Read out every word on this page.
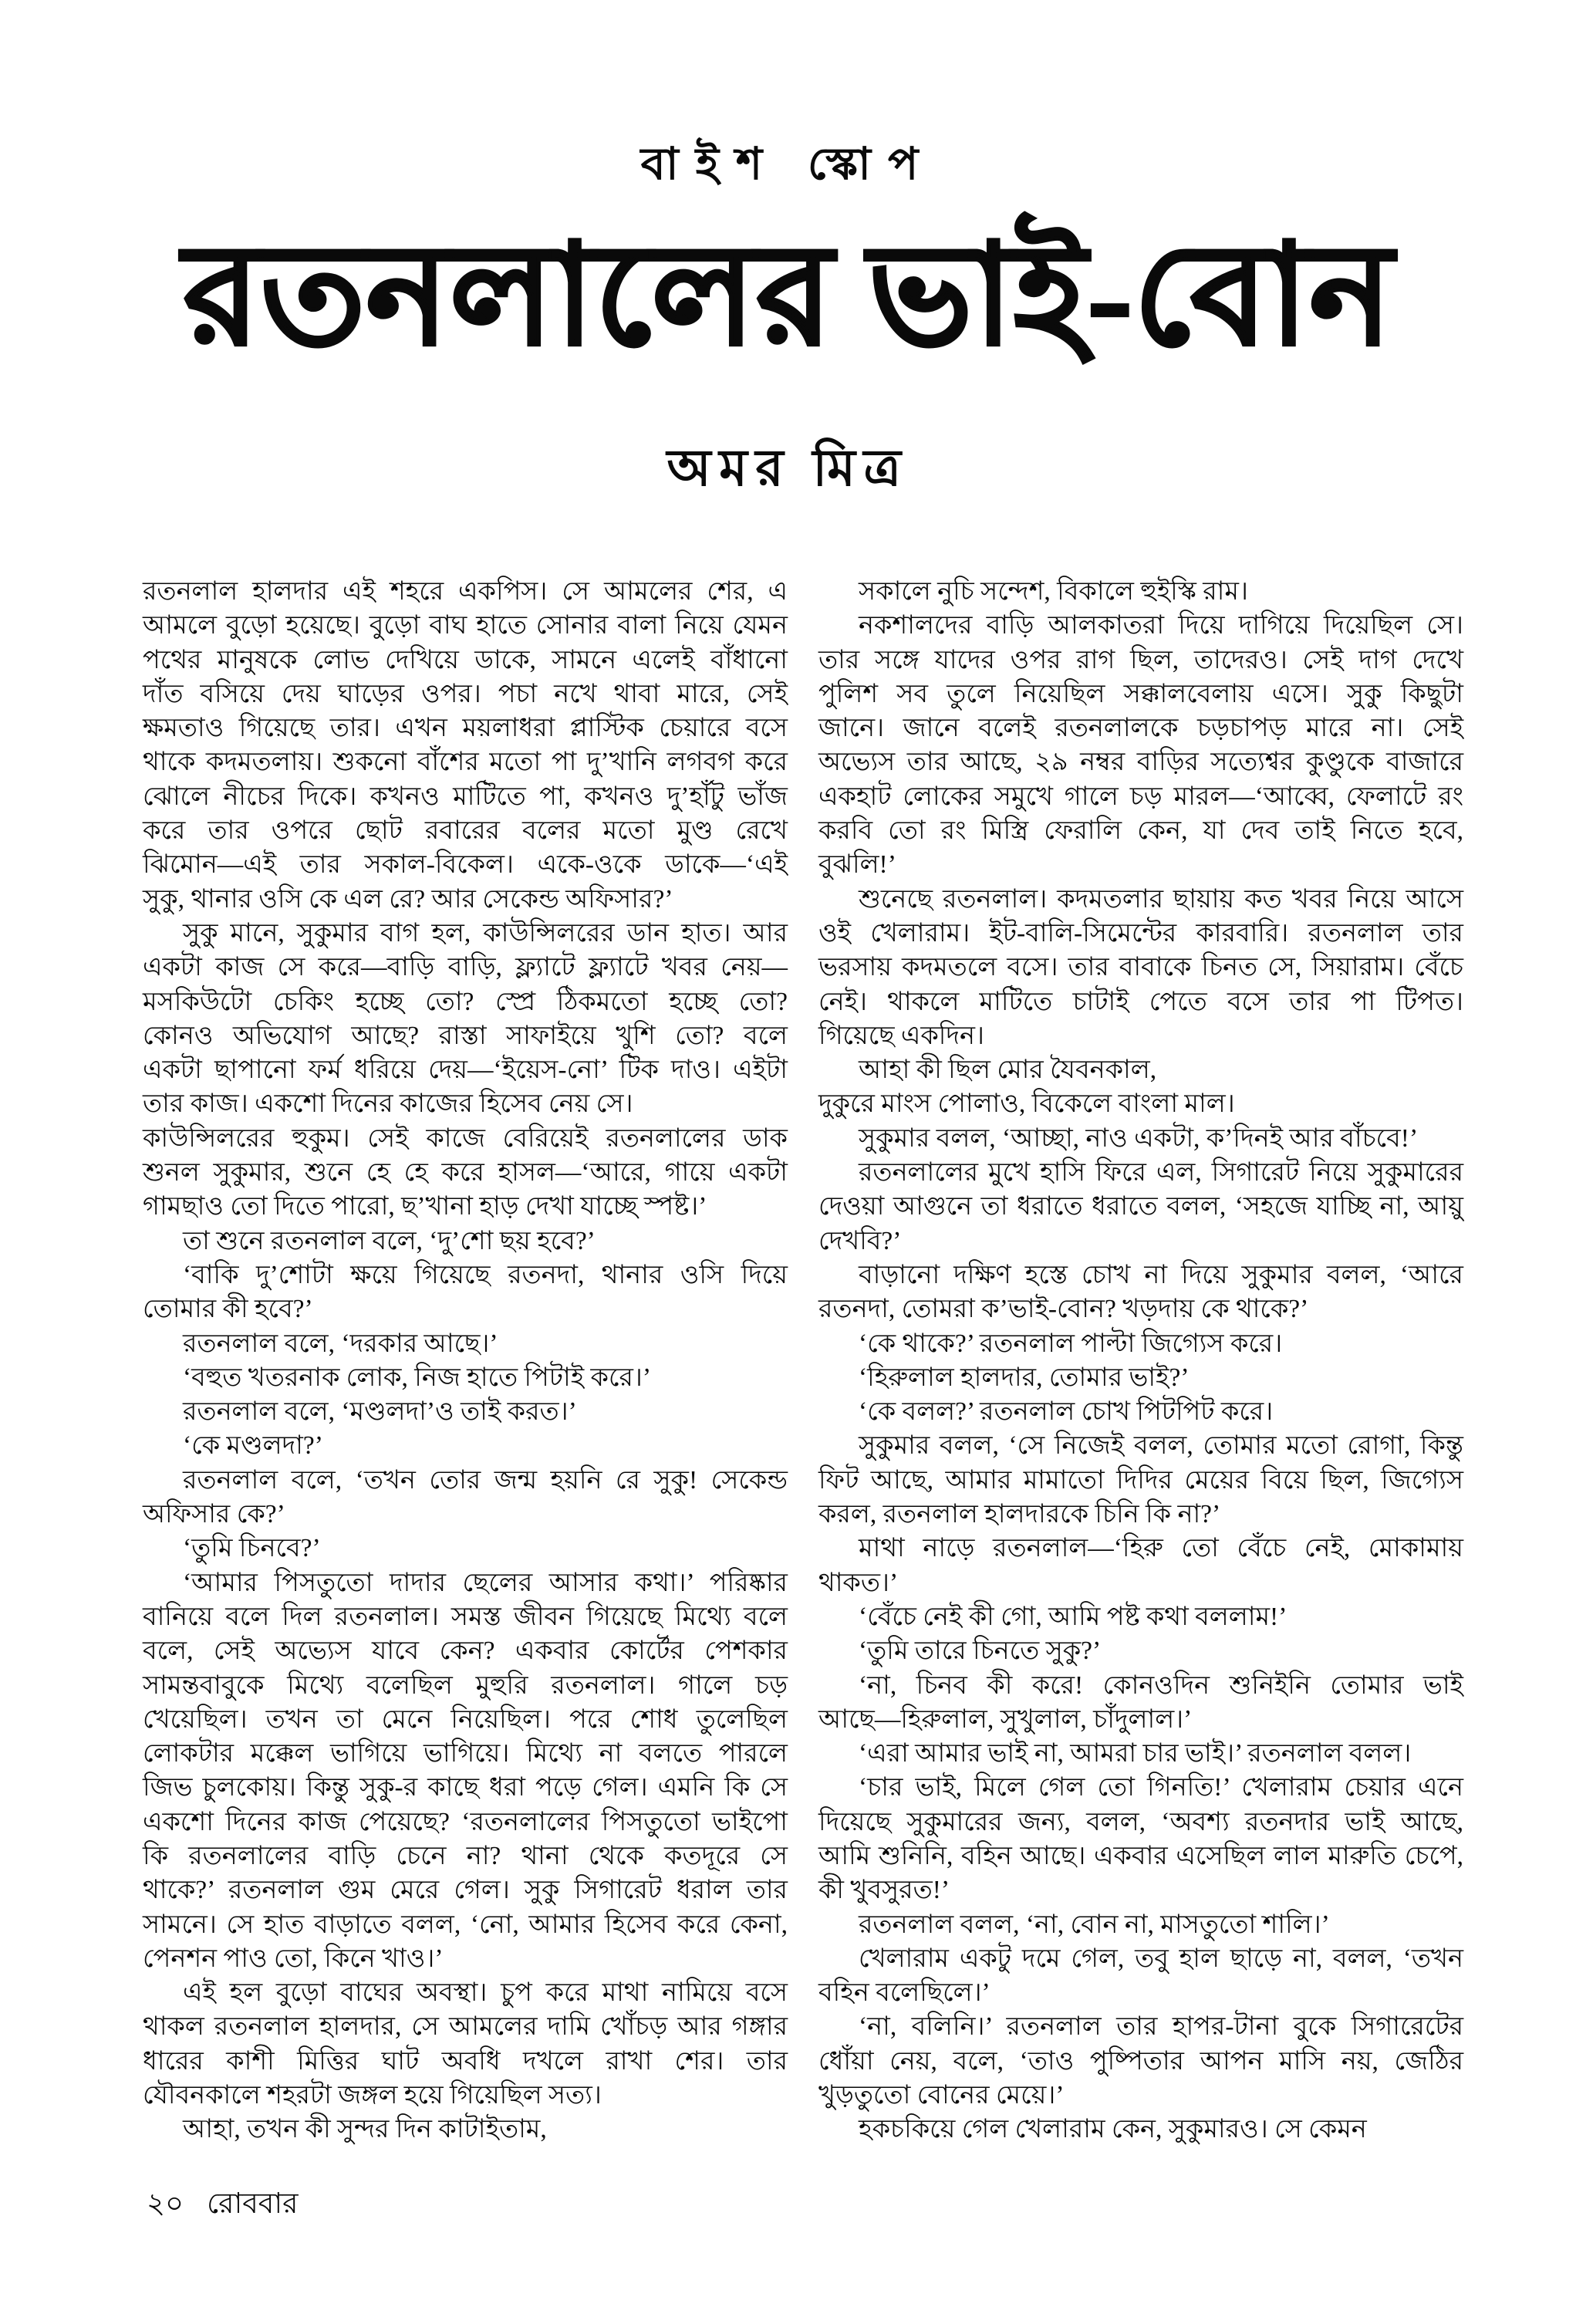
বাইশ স্কোপ
রতনলালের ভাই-বোন
অমর মিত্র
রতনলাল হালদার এই শহরে একপিস। সে আমলের শের, এ
আমলে বুড়ো হয়েছে। বুড়ো বাঘ হাতে সোনার বালা নিয়ে যেমন
পথের মানুষকে লোভ দেখিয়ে ডাকে, সামনে এলেই বাঁধানো
দাঁত বসিয়ে দেয় ঘাড়ের ওপর। পচা নখে থাবা মারে, সেই
ক্ষমতাও গিয়েছে তার। এখন ময়লাধরা প্লাস্টিক চেয়ারে বসে
থাকে কদমতলায়। শুকনো বাঁশের মতো পা দু’খানি লগবগ করে
ঝোলে নীচের দিকে। কখনও মাটিতে পা, কখনও দু’হাঁটু ভাঁজ
করে তার ওপরে ছোট রবারের বলের মতো মুণ্ড রেখে
ঝিমোন—এই তার সকাল-বিকেল। একে-ওকে ডাকে—‘এই
সুকু, থানার ওসি কে এল রে? আর সেকেন্ড অফিসার?’
সুকু মানে, সুকুমার বাগ হল, কাউন্সিলরের ডান হাত। আর
একটা কাজ সে করে—বাড়ি বাড়ি, ফ্ল্যাটে ফ্ল্যাটে খবর নেয়—
মসকিউটো চেকিং হচ্ছে তো? স্প্রে ঠিকমতো হচ্ছে তো?
কোনও অভিযোগ আছে? রাস্তা সাফাইয়ে খুশি তো? বলে
একটা ছাপানো ফর্ম ধরিয়ে দেয়—‘ইয়েস-নো’ টিক দাও। এইটা
তার কাজ। একশো দিনের কাজের হিসেব নেয় সে।
কাউন্সিলরের হুকুম। সেই কাজে বেরিয়েই রতনলালের ডাক
শুনল সুকুমার, শুনে হে হে করে হাসল—‘আরে, গায়ে একটা
গামছাও তো দিতে পারো, ছ’খানা হাড় দেখা যাচ্ছে স্পষ্ট।’
তা শুনে রতনলাল বলে, ‘দু’শো ছয় হবে?’
‘বাকি দু’শোটা ক্ষয়ে গিয়েছে রতনদা, থানার ওসি দিয়ে
তোমার কী হবে?’
রতনলাল বলে, ‘দরকার আছে।’
‘বহুত খতরনাক লোক, নিজ হাতে পিটাই করে।’
রতনলাল বলে, ‘মণ্ডলদা’ও তাই করত।’
‘কে মণ্ডলদা?’
রতনলাল বলে, ‘তখন তোর জন্ম হয়নি রে সুকু! সেকেন্ড
অফিসার কে?’
‘তুমি চিনবে?’
‘আমার পিসতুতো দাদার ছেলের আসার কথা।’ পরিষ্কার
বানিয়ে বলে দিল রতনলাল। সমস্ত জীবন গিয়েছে মিথ্যে বলে
বলে, সেই অভ্যেস যাবে কেন? একবার কোর্টের পেশকার
সামন্তবাবুকে মিথ্যে বলেছিল মুহুরি রতনলাল। গালে চড়
খেয়েছিল। তখন তা মেনে নিয়েছিল। পরে শোধ তুলেছিল
লোকটার মক্কেল ভাগিয়ে ভাগিয়ে। মিথ্যে না বলতে পারলে
জিভ চুলকোয়। কিন্তু সুকু-র কাছে ধরা পড়ে গেল। এমনি কি সে
একশো দিনের কাজ পেয়েছে? ‘রতনলালের পিসতুতো ভাইপো
কি রতনলালের বাড়ি চেনে না? থানা থেকে কতদূরে সে
থাকে?’ রতনলাল গুম মেরে গেল। সুকু সিগারেট ধরাল তার
সামনে। সে হাত বাড়াতে বলল, ‘নো, আমার হিসেব করে কেনা,
পেনশন পাও তো, কিনে খাও।’
এই হল বুড়ো বাঘের অবস্থা। চুপ করে মাথা নামিয়ে বসে
থাকল রতনলাল হালদার, সে আমলের দামি খোঁচড় আর গঙ্গার
ধারের কাশী মিত্তির ঘাট অবধি দখলে রাখা শের। তার
যৌবনকালে শহরটা জঙ্গল হয়ে গিয়েছিল সত্য।
আহা, তখন কী সুন্দর দিন কাটাইতাম,
সকালে নুচি সন্দেশ, বিকালে হুইস্কি রাম।
নকশালদের বাড়ি আলকাতরা দিয়ে দাগিয়ে দিয়েছিল সে।
তার সঙ্গে যাদের ওপর রাগ ছিল, তাদেরও। সেই দাগ দেখে
পুলিশ সব তুলে নিয়েছিল সক্কালবেলায় এসে। সুকু কিছুটা
জানে। জানে বলেই রতনলালকে চড়চাপড় মারে না। সেই
অভ্যেস তার আছে, ২৯ নম্বর বাড়ির সত্যেশ্বর কুণ্ডুকে বাজারে
একহাট লোকের সমুখে গালে চড় মারল—‘আব্বে, ফেলাটে রং
করবি তো রং মিস্ত্রি ফেরালি কেন, যা দেব তাই নিতে হবে,
বুঝলি!’
শুনেছে রতনলাল। কদমতলার ছায়ায় কত খবর নিয়ে আসে
ওই খেলারাম। ইট-বালি-সিমেন্টের কারবারি। রতনলাল তার
ভরসায় কদমতলে বসে। তার বাবাকে চিনত সে, সিয়ারাম। বেঁচে
নেই। থাকলে মাটিতে চাটাই পেতে বসে তার পা টিপত।
গিয়েছে একদিন।
আহা কী ছিল মোর যৈবনকাল,
দুকুরে মাংস পোলাও, বিকেলে বাংলা মাল।
সুকুমার বলল, ‘আচ্ছা, নাও একটা, ক’দিনই আর বাঁচবে!’
রতনলালের মুখে হাসি ফিরে এল, সিগারেট নিয়ে সুকুমারের
দেওয়া আগুনে তা ধরাতে ধরাতে বলল, ‘সহজে যাচ্ছি না, আয়ু
দেখবি?’
বাড়ানো দক্ষিণ হস্তে চোখ না দিয়ে সুকুমার বলল, ‘আরে
রতনদা, তোমরা ক’ভাই-বোন? খড়দায় কে থাকে?’
‘কে থাকে?’ রতনলাল পাল্টা জিগ্যেস করে।
‘হিরুলাল হালদার, তোমার ভাই?’
‘কে বলল?’ রতনলাল চোখ পিটপিট করে।
সুকুমার বলল, ‘সে নিজেই বলল, তোমার মতো রোগা, কিন্তু
ফিট আছে, আমার মামাতো দিদির মেয়ের বিয়ে ছিল, জিগ্যেস
করল, রতনলাল হালদারকে চিনি কি না?’
মাথা নাড়ে রতনলাল—‘হিরু তো বেঁচে নেই, মোকামায়
থাকত।’
‘বেঁচে নেই কী গো, আমি পষ্ট কথা বললাম!’
‘তুমি তারে চিনতে সুকু?’
‘না, চিনব কী করে! কোনওদিন শুনিইনি তোমার ভাই
আছে—হিরুলাল, সুখুলাল, চাঁদুলাল।’
‘এরা আমার ভাই না, আমরা চার ভাই।’ রতনলাল বলল।
‘চার ভাই, মিলে গেল তো গিনতি!’ খেলারাম চেয়ার এনে
দিয়েছে সুকুমারের জন্য, বলল, ‘অবশ্য রতনদার ভাই আছে,
আমি শুনিনি, বহিন আছে। একবার এসেছিল লাল মারুতি চেপে,
কী খুবসুরত!’
রতনলাল বলল, ‘না, বোন না, মাসতুতো শালি।’
খেলারাম একটু দমে গেল, তবু হাল ছাড়ে না, বলল, ‘তখন
বহিন বলেছিলে।’
‘না, বলিনি।’ রতনলাল তার হাপর-টানা বুকে সিগারেটের
ধোঁয়া নেয়, বলে, ‘তাও পুষ্পিতার আপন মাসি নয়, জেঠির
খুড়তুতো বোনের মেয়ে।’
হকচকিয়ে গেল খেলারাম কেন, সুকুমারও। সে কেমন
২০ রোববার
